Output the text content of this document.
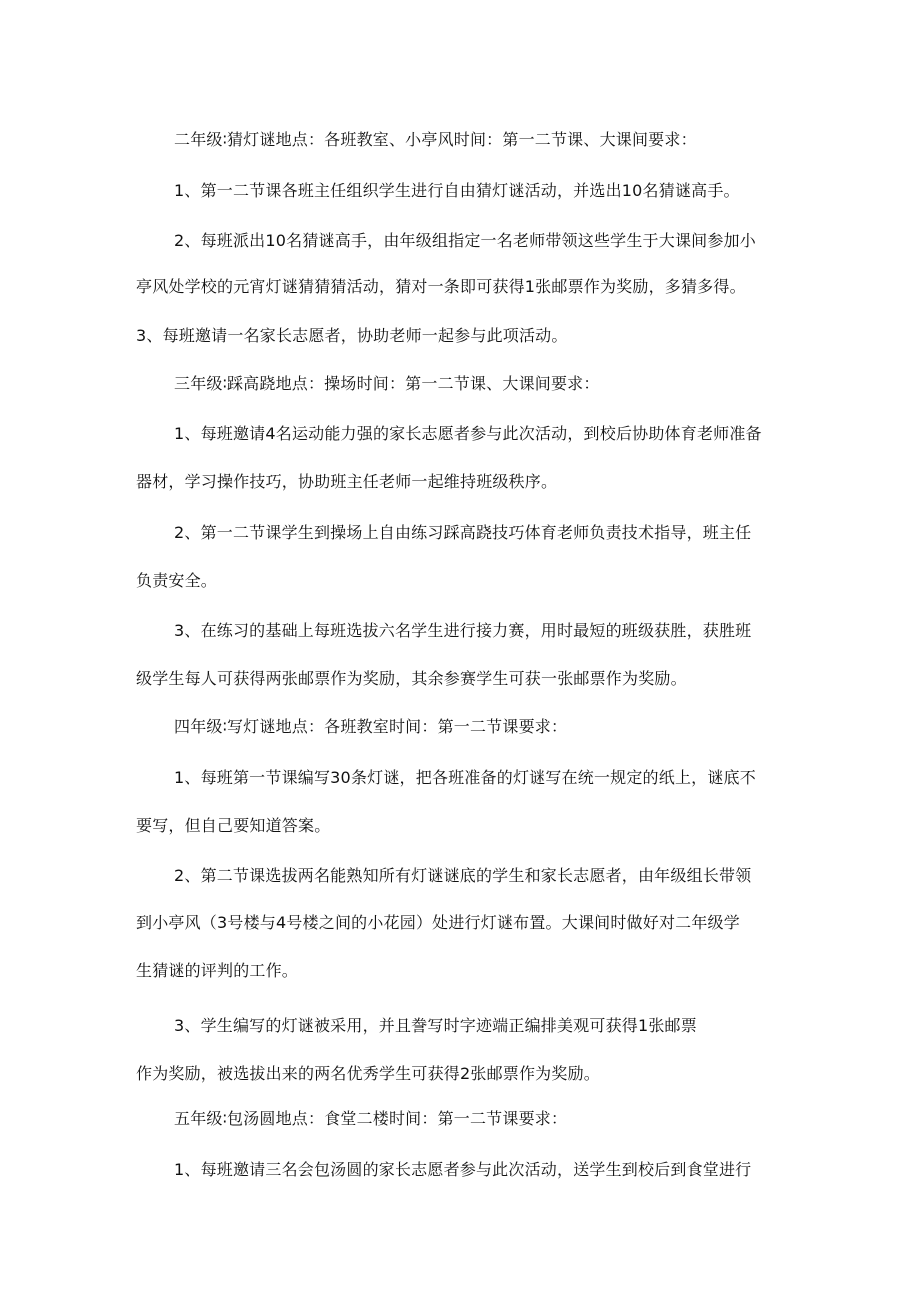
二年级∶猜灯谜地点：各班教室、小亭风时间：第一二节课、大课间要求：
1、第一二节课各班主任组织学生进行自由猜灯谜活动，并选出10名猜谜高手。
2、每班派出10名猜谜高手，由年级组指定一名老师带领这些学生于大课间参加小
亭风处学校的元宵灯谜猜猜猜活动，猜对一条即可获得1张邮票作为奖励，多猜多得。
3、每班邀请一名家长志愿者，协助老师一起参与此项活动。
三年级∶踩高跷地点：操场时间：第一二节课、大课间要求：
1、每班邀请4名运动能力强的家长志愿者参与此次活动，到校后协助体育老师准备
器材，学习操作技巧，协助班主任老师一起维持班级秩序。
2、第一二节课学生到操场上自由练习踩高跷技巧体育老师负责技术指导，班主任
负责安全。
3、在练习的基础上每班选拔六名学生进行接力赛，用时最短的班级获胜，获胜班
级学生每人可获得两张邮票作为奖励，其余参赛学生可获一张邮票作为奖励。
四年级∶写灯谜地点：各班教室时间：第一二节课要求：
1、每班第一节课编写30条灯谜，把各班准备的灯谜写在统一规定的纸上，谜底不
要写，但自己要知道答案。
2、第二节课选拔两名能熟知所有灯谜谜底的学生和家长志愿者，由年级组长带领
到小亭风（3号楼与4号楼之间的小花园）处进行灯谜布置。大课间时做好对二年级学
生猜谜的评判的工作。
3、学生编写的灯谜被采用，并且誊写时字迹端正编排美观可获得1张邮票
作为奖励，被选拔出来的两名优秀学生可获得2张邮票作为奖励。
五年级∶包汤圆地点：食堂二楼时间：第一二节课要求：
1、每班邀请三名会包汤圆的家长志愿者参与此次活动，送学生到校后到食堂进行
